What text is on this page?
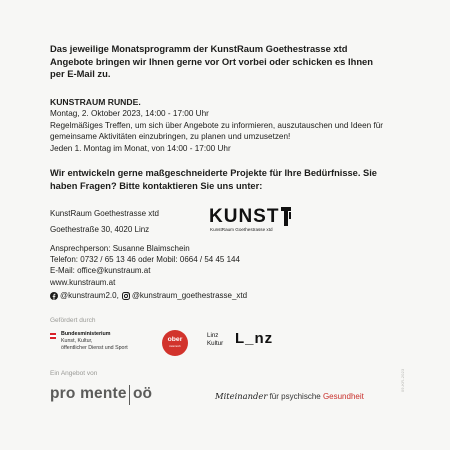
Das jeweilige Monatsprogramm der KunstRaum Goethestrasse xtd Angebote bringen wir Ihnen gerne vor Ort vorbei oder schicken es Ihnen per E-Mail zu.
KUNSTRAUM RUNDE.
Montag, 2. Oktober 2023, 14:00 - 17:00 Uhr
Regelmäßiges Treffen, um sich über Angebote zu informieren, auszutauschen und Ideen für gemeinsame Aktivitäten einzubringen, zu planen und umzusetzen!
Jeden 1. Montag im Monat, von 14:00 - 17:00 Uhr
Wir entwickeln gerne maßgeschneiderte Projekte für Ihre Bedürfnisse. Sie haben Fragen? Bitte kontaktieren Sie uns unter:
KunstRaum Goethestrasse xtd
Goethestraße 30, 4020 Linz
KUNST
KunstRaum Goethestrasse xtd
Ansprechperson: Susanne Blaimschein
Telefon: 0732 / 65 13 46 oder Mobil: 0664 / 54 45 144
E-Mail: office@kunstraum.at
www.kunstraum.at
@kunstraum2.0, @kunstraum_goethestrasse_xtd
Gefördert durch
Bundesministerium
Kunst, Kultur,
öffentlicher Dienst und Sport
ober
österreich
Linz
Kultur L_nz
Ein Angebot von
pro mente oö	Miteinander für psychische Gesundheit
09-KR-2023
